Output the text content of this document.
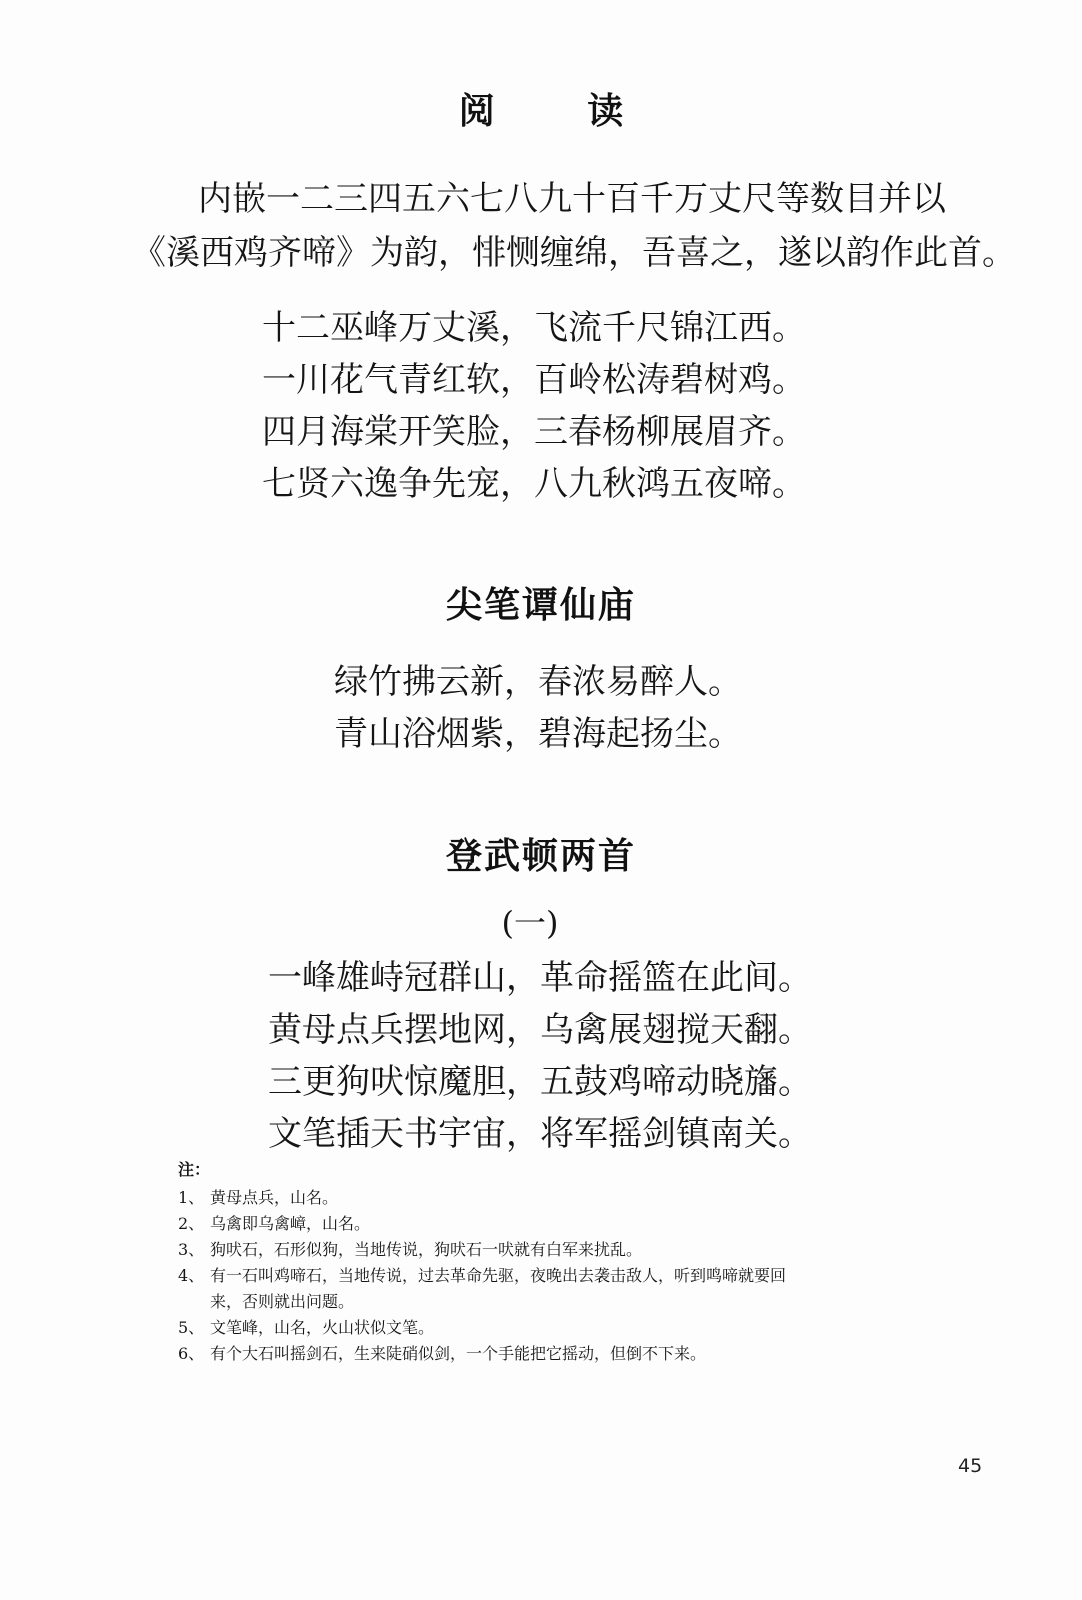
阅 读
内嵌一二三四五六七八九十百千万丈尺等数目并以
《溪西鸡齐啼》为韵，悱恻缠绵，吾喜之，遂以韵作此首。
十二巫峰万丈溪，飞流千尺锦江西。
一川花气青红软，百岭松涛碧树鸡。
四月海棠开笑脸，三春杨柳展眉齐。
七贤六逸争先宠，八九秋鸿五夜啼。
尖笔谭仙庙
绿竹拂云新，春浓易醉人。
青山浴烟紫，碧海起扬尘。
登武顿两首
(一)
一峰雄峙冠群山，革命摇篮在此间。
黄母点兵摆地网，乌禽展翅搅天翻。
三更狗吠惊魔胆，五鼓鸡啼动晓旛。
文笔插天书宇宙，将军摇剑镇南关。
注：
1、 黄母点兵，山名。
2、 乌禽即乌禽嶂，山名。
3、 狗吠石，石形似狗，当地传说，狗吠石一吠就有白军来扰乱。
4、 有一石叫鸡啼石，当地传说，过去革命先驱，夜晚出去袭击敌人，听到鸣啼就要回
来，否则就出问题。
5、 文笔峰，山名，火山状似文笔。
6、 有个大石叫摇剑石，生来陡硝似剑，一个手能把它摇动，但倒不下来。
45
